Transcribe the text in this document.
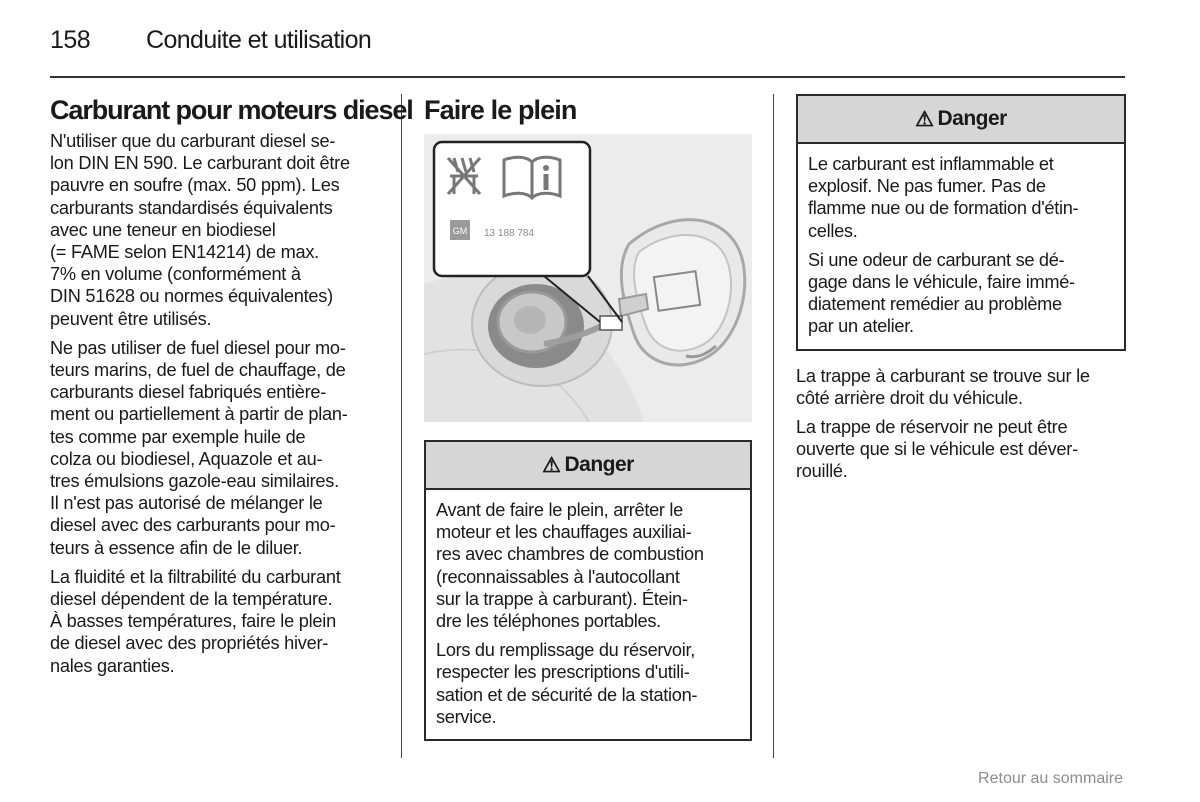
158 Conduite et utilisation
Carburant pour moteurs diesel

N'utiliser que du carburant diesel se-
lon DIN EN 590. Le carburant doit être
pauvre en soufre (max. 50 ppm). Les
carburants standardisés équivalents
avec une teneur en biodiesel
(= FAME selon EN14214) de max.
7% en volume (conformément à
DIN 51628 ou normes équivalentes)
peuvent être utilisés.

Ne pas utiliser de fuel diesel pour mo-
teurs marins, de fuel de chauffage, de
carburants diesel fabriqués entière-
ment ou partiellement à partir de plan-
tes comme par exemple huile de
colza ou biodiesel, Aquazole et au-
tres émulsions gazole-eau similaires.
Il n'est pas autorisé de mélanger le
diesel avec des carburants pour mo-
teurs à essence afin de le diluer.

La fluidité et la filtrabilité du carburant
diesel dépendent de la température.
À basses températures, faire le plein
de diesel avec des propriétés hiver-
nales garanties.

Faire le plein
GM 13 188 784
⚠ Danger

Avant de faire le plein, arrêter le
moteur et les chauffages auxiliai-
res avec chambres de combustion
(reconnaissables à l'autocollant
sur la trappe à carburant). Étein-
dre les téléphones portables.

Lors du remplissage du réservoir,
respecter les prescriptions d'utili-
sation et de sécurité de la station-
service.

⚠ Danger

Le carburant est inflammable et
explosif. Ne pas fumer. Pas de
flamme nue ou de formation d'étin-
celles.

Si une odeur de carburant se dé-
gage dans le véhicule, faire immé-
diatement remédier au problème
par un atelier.

La trappe à carburant se trouve sur le
côté arrière droit du véhicule.

La trappe de réservoir ne peut être
ouverte que si le véhicule est déver-
rouillé.

Retour au sommaire
